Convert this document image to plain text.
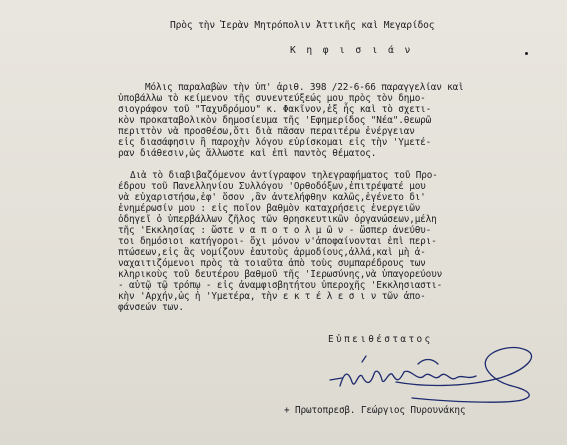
Πρὸς τὴν Ἱερὰν Μητρόπολιν Ἀττικῆς καὶ Μεγαρίδος
Κ η φ ι σ ι ά ν
Μόλις παραλαβὼν τὴν ὑπ' ἀριθ. 398 /22-6-66 παραγγελίαν καὶ
ὑποβάλλω τὸ κείμενον τῆς συνεντεύξεώς μου πρὸς τὸν δημο-
σιογράφον τοῦ "Ταχυδρόμου" κ. Φακῖνον,ἐξ ἧς καὶ τὸ σχετι-
κὸν προκαταβολικὸν δημοσίευμα τῆς 'Εφημερίδος "Νέα".θεωρῶ
περιττὸν νὰ προσθέσω,ὅτι διὰ πᾶσαν περαιτέρω ἐνέργειαν
εἰς διασάφησιν ἢ παροχὴν λόγου εὑρίσκομαι εἰς τὴν 'Υμετέ-
ραν διάθεσιν,ὡς ἄλλωστε καὶ ἐπὶ παντὸς θέματος.
Διὰ τὸ διαβιβαζόμενον ἀντίγραφον τηλεγραφήματος τοῦ Προ-
έδρου τοῦ Πανελληνίου Συλλόγου 'Ορθοδόξων,ἐπιτρέψατέ μου
νὰ εὐχαριστήσω,ἐφ' ὅσον ,ἂν ἀντελήφθην καλῶς,ἐγένετο δι'
ἐνημέρωσίν μου : εἰς ποῖον βαθμὸν καταχρήσεις ἐνεργειῶν
ὁδηγεῖ ὁ ὑπερβάλλων ζῆλος τῶν θρησκευτικῶν ὀργανώσεων,μέλη
τῆς 'Εκκλησίας : ὥστε ν α π ο τ ο λ μ ῶ ν - ὥσπερ ἀνεύθυ-
τοι δημόσιοι κατήγοροι- ὄχι μόνον ν'ἀποφαίνονται ἐπὶ περι-
πτώσεων,εἰς ἃς νομίζουν ἑαυτοὺς ἁρμοδίους,ἀλλά,καὶ μὴ ἀ-
ναχαιτιζόμενοι πρὸς τὰ τοιαῦτα ἀπὸ τοὺς συμπαρέδρους των
κληρικοὺς τοῦ δευτέρου βαθμοῦ τῆς 'Ιερωσύνης,νὰ ὑπαγορεύουν
- αὐτῷ τῷ τρόπῳ - εἰς ἀναμφισβητήτου ὑπεροχῆς 'Εκκλησιαστι-
κὴν 'Αρχήν,ὡς ἡ 'Υμετέρα, τὴν ε κ τ έ λ ε σ ι ν τῶν ἀπο-
φάνσεών των.
Εὐπειθέστατος
+ Πρωτοπρεσβ. Γεώργιος Πυρουνάκης
